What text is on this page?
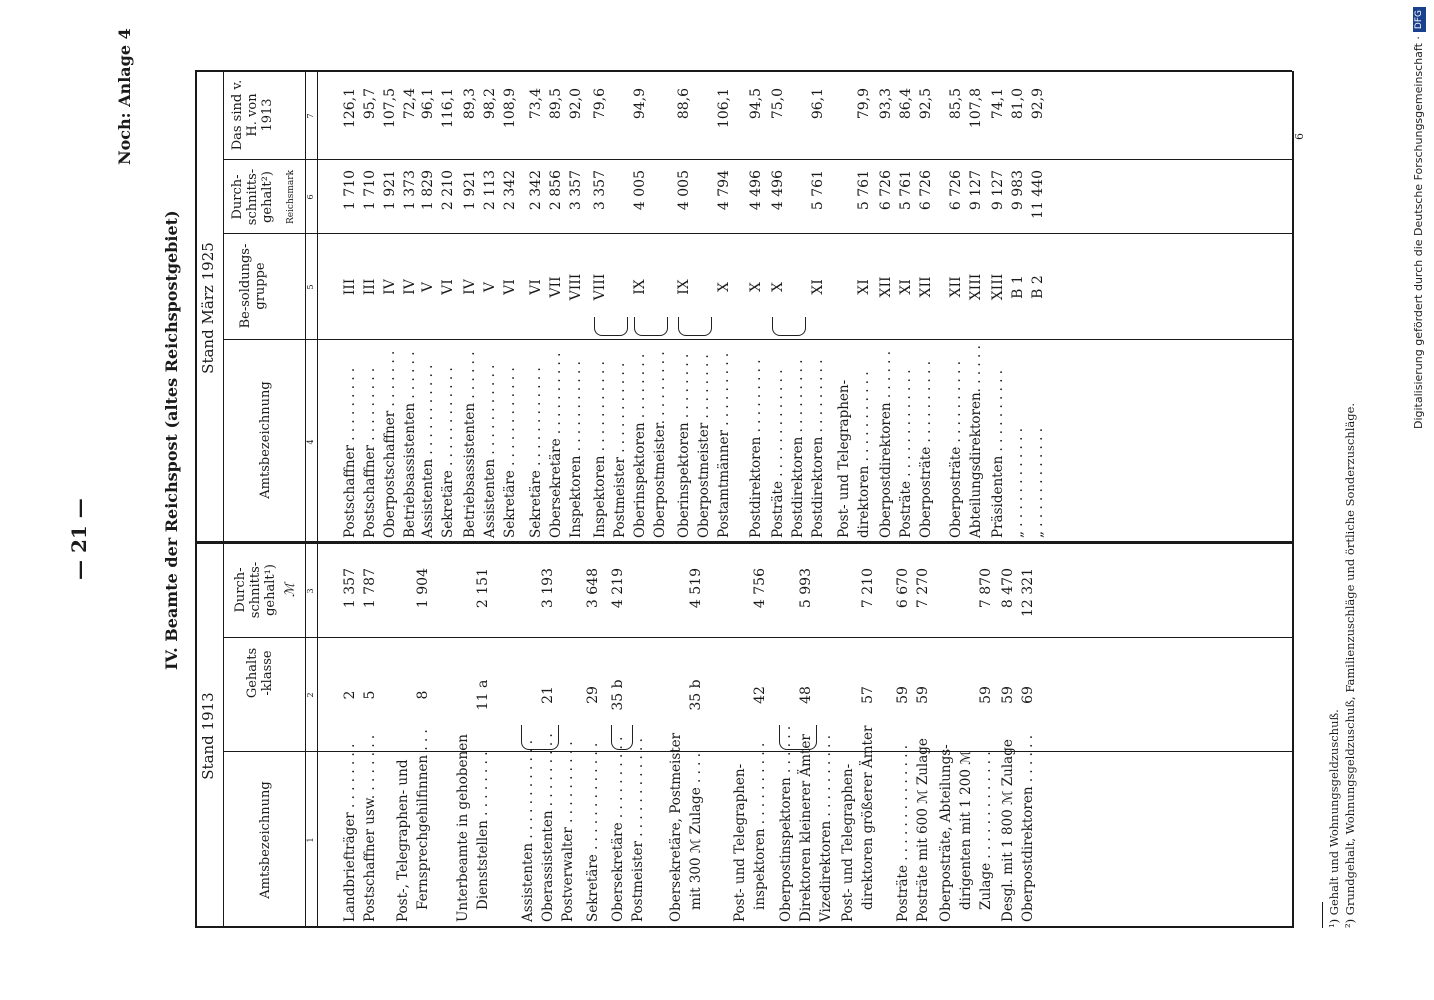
— 21 —
Noch: Anlage 4
IV. Beamte der Reichspost (altes Reichspostgebiet)
Stand 1913
Stand März 1925
Amtsbezeichnung
Gehalts-klasse
Durch-schnitts-gehalt¹) ℳ
Amtsbezeichnung
Be-soldungs-gruppe
Durch-schnitts-gehalt²) Reichsmark
Das sind v. H. von 1913
1
2
3
4
5
6
7
Landbriefträger . . . . . . . .
2
1 357
Postschaffner usw. . . . . . . .
5
1 787
Post-, Telegraphen- und Fernsprechgehilfinnen . . .
8
1 904
Unterbeamte in gehobenen Dienststellen . . . . . . . .
11 a
2 151
Assistenten . . . . . . . . . . . . Oberassistenten . . . . . . . . .
21
3 193
Postverwalter . . . . . . . . . . Sekretäre . . . . . . . . . . . . .
29
3 648
Obersekretäre . . . . . . . . . .
35 b
4 219
Postmeister . . . . . . . . . . . . Obersekretäre, Postmeister mit 300 ℳ Zulage . . . .
35 b
4 519
Post- und Telegraphen- inspektoren . . . . . . . . . .
42
4 756
Oberpostinspektoren . . . . . . Direktoren kleinerer Ämter
48
5 993
Vizedirektoren . . . . . . . . . . Post- und Telegraphen- direktoren größerer Ämter
57
7 210
Posträte . . . . . . . . . . . . . .
59
6 670
Posträte mit 600 ℳ Zulage
59
7 270
Oberposträte, Abteilungs- dirigenten mit 1 200 ℳ Zulage . . . . . . . . . . . . .
59
7 870
Desgl. mit 1 800 ℳ Zulage
59
8 470
Oberpostdirektoren . . . . . .
69
12 321
Postschaffner . . . . . . . . .
III
1 710
126,1
Postschaffner . . . . . . . . .
III
1 710
95,7
Oberpostschaffner . . . . . . .
IV
1 921
107,5
Betriebsassistenten . . . . . .
IV
1 373
72,4
Assistenten . . . . . . . . . . .
V
1 829
96,1
Sekretäre . . . . . . . . . . . .
VI
2 210
116,1
Betriebsassistenten . . . . . .
IV
1 921
89,3
Assistenten . . . . . . . . . . .
V
2 113
98,2
Sekretäre . . . . . . . . . . . .
VI
2 342
108,9
Sekretäre . . . . . . . . . . . .
VI
2 342
73,4
Obersekretäre . . . . . . . . . .
VII
2 856
89,5
Inspektoren . . . . . . . . . . .
VIII
3 357
92,0
Inspektoren . . . . . . . . . . .
VIII
3 357
79,6
Postmeister . . . . . . . . . . . Oberinspektoren . . . . . . . .
IX
4 005
94,9
Oberpostmeister. . . . . . . . . Oberinspektoren . . . . . . . .
IX
4 005
88,6
Oberpostmeister . . . . . . . . Postamtmänner . . . . . . . . .
X
4 794
106,1
Postdirektoren . . . . . . . . .
X
4 496
94,5
Posträte . . . . . . . . . . . . .
X
4 496
75,0
Postdirektoren . . . . . . . . . Postdirektoren . . . . . . . . .
XI
5 761
96,1
Post- und Telegraphen- direktoren . . . . . . . . . . .
XI
5 761
79,9
Oberpostdirektoren . . . . . .
XII
6 726
93,3
Posträte . . . . . . . . . . . . .
XI
5 761
86,4
Oberposträte . . . . . . . . . .
XII
6 726
92,5
Oberposträte . . . . . . . . . .
XII
6 726
85,5
Abteilungsdirektoren. . . . . .
XIII
9 127
107,8
Präsidenten . . . . . . . . . .
XIII
9 127
74,1
„ . . . . . . . . . . . .
B 1
9 983
81,0
„ . . . . . . . . . . . .
B 2
11 440
92,9
¹) Gehalt und Wohnungsgeldzuschuß. ²) Grundgehalt, Wohnungsgeldzuschuß, Familienzuschläge und örtliche Sonderzuschläge.
6	Digitalisierung gefördert durch die Deutsche Forschungsgemeinschaft ·DFG
